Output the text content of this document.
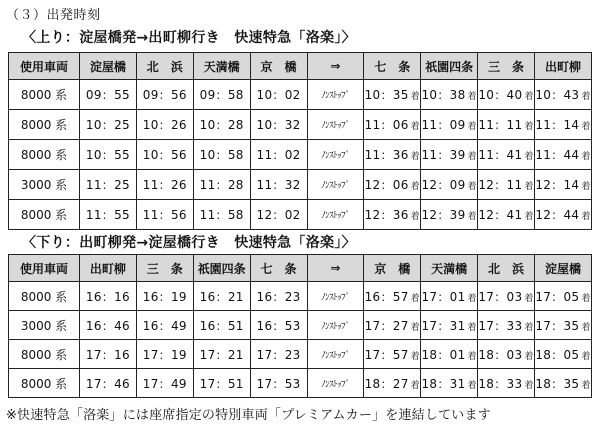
（３）出発時刻
〈上り：淀屋橋発→出町柳行き　快速特急「洛楽」〉
使用車両	淀屋橋	北　浜	天満橋	京　橋	⇒	七　条	祇園四条	三　条	出町柳
8000 系	09：55	09：56	09：58	10：02	ﾉﾝｽﾄｯﾌﾟ	10：35 着	10：38 着	10：40 着	10：43 着
8000 系	10：25	10：26	10：28	10：32	ﾉﾝｽﾄｯﾌﾟ	11：06 着	11：09 着	11：11 着	11：14 着
8000 系	10：55	10：56	10：58	11：02	ﾉﾝｽﾄｯﾌﾟ	11：36 着	11：39 着	11：41 着	11：44 着
3000 系	11：25	11：26	11：28	11：32	ﾉﾝｽﾄｯﾌﾟ	12：06 着	12：09 着	12：11 着	12：14 着
8000 系	11：55	11：56	11：58	12：02	ﾉﾝｽﾄｯﾌﾟ	12：36 着	12：39 着	12：41 着	12：44 着
〈下り：出町柳発→淀屋橋行き　快速特急「洛楽」〉
使用車両	出町柳	三　条	祇園四条	七　条	⇒	京　橋	天満橋	北　浜	淀屋橋
8000 系	16：16	16：19	16：21	16：23	ﾉﾝｽﾄｯﾌﾟ	16：57 着	17：01 着	17：03 着	17：05 着
3000 系	16：46	16：49	16：51	16：53	ﾉﾝｽﾄｯﾌﾟ	17：27 着	17：31 着	17：33 着	17：35 着
8000 系	17：16	17：19	17：21	17：23	ﾉﾝｽﾄｯﾌﾟ	17：57 着	18：01 着	18：03 着	18：05 着
8000 系	17：46	17：49	17：51	17：53	ﾉﾝｽﾄｯﾌﾟ	18：27 着	18：31 着	18：33 着	18：35 着
※快速特急「洛楽」には座席指定の特別車両「プレミアムカー」を連結しています
